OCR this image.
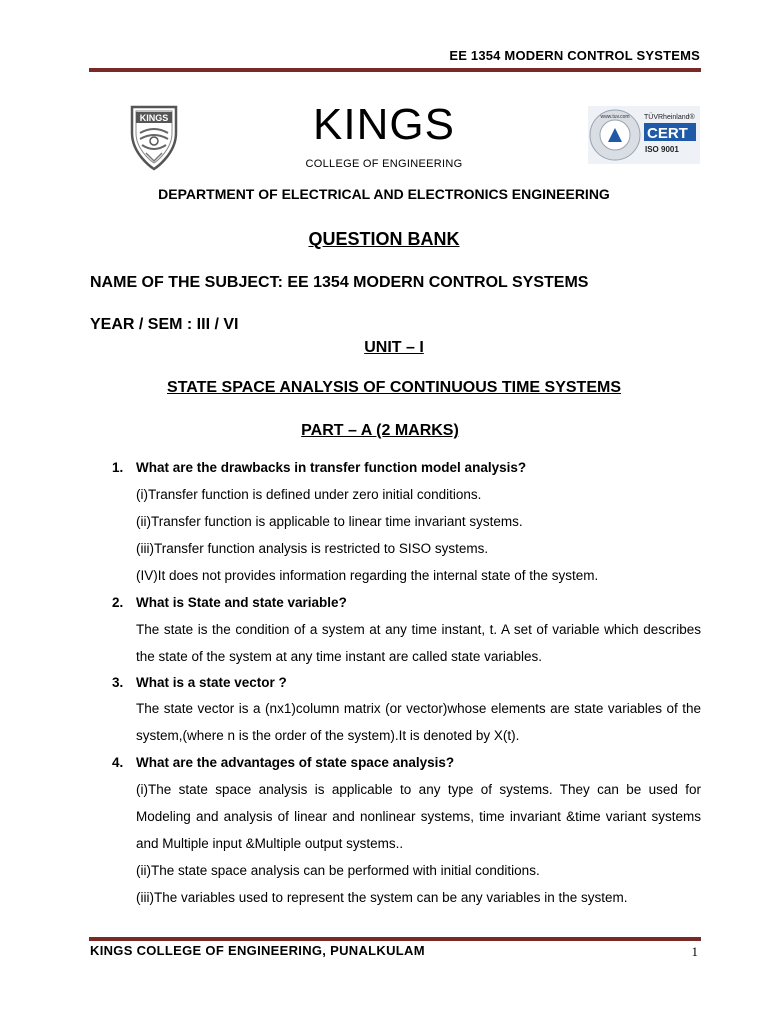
EE 1354 MODERN CONTROL SYSTEMS
KINGS	KINGS
COLLEGE OF ENGINEERING
www.tuv.com TÜVRheinland®
CERT
ISO 9001
DEPARTMENT OF ELECTRICAL AND ELECTRONICS ENGINEERING
QUESTION BANK
NAME OF THE SUBJECT: EE 1354 MODERN CONTROL SYSTEMS
YEAR / SEM : III / VI
UNIT – I
STATE SPACE ANALYSIS OF CONTINUOUS TIME SYSTEMS
PART – A (2 MARKS)
1. What are the drawbacks in transfer function model analysis?
(i)Transfer function is defined under zero initial conditions.
(ii)Transfer function is applicable to linear time invariant systems.
(iii)Transfer function analysis is restricted to SISO systems.
(IV)It does not provides information regarding the internal state of the system.
2. What is State and state variable?
The state is the condition of a system at any time instant, t. A set of variable which describes the state of the system at any time instant are called state variables.
3. What is a state vector ?
The state vector is a (nx1)column matrix (or vector)whose elements are state variables of the system,(where n is the order of the system).It is denoted by X(t).
4. What are the advantages of state space analysis?
(i)The state space analysis is applicable to any type of systems. They can be used for Modeling and analysis of linear and nonlinear systems, time invariant &time variant systems and Multiple input &Multiple output systems..
(ii)The state space analysis can be performed with initial conditions.
(iii)The variables used to represent the system can be any variables in the system.
KINGS COLLEGE OF ENGINEERING, PUNALKULAM	1
